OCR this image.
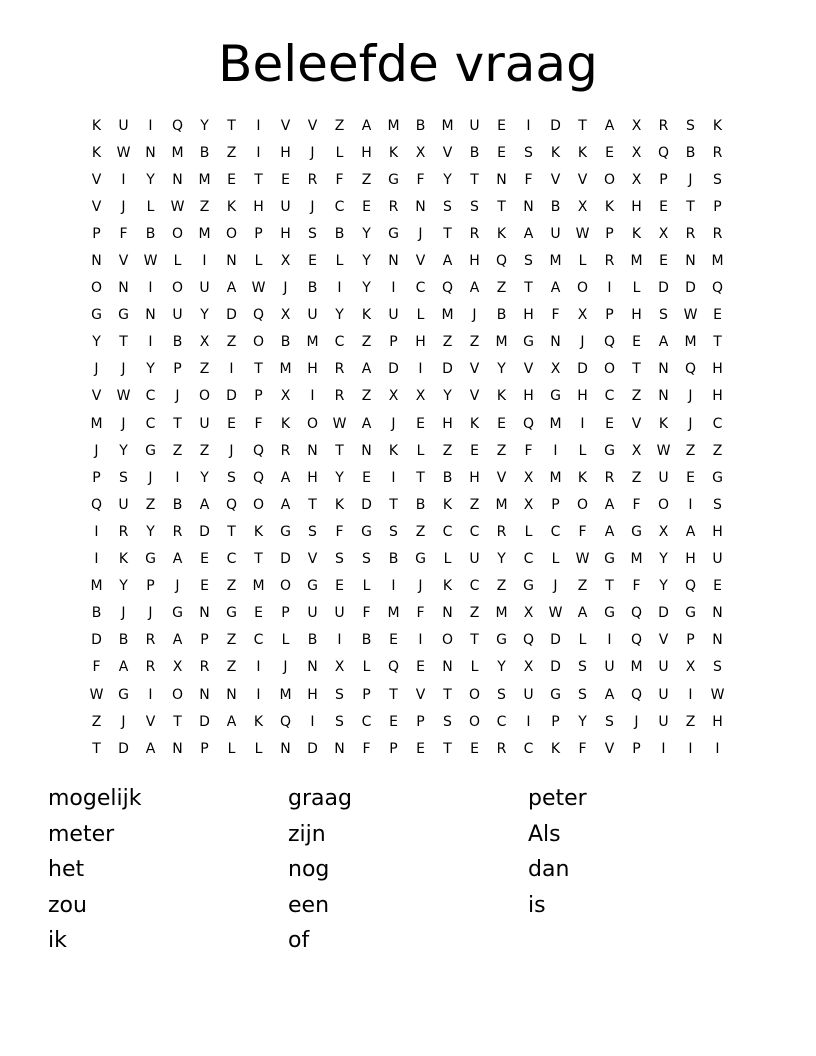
Beleefde vraag
K	U	I	Q	Y	T	I	V	V	Z	A	M	B	M	U	E	I	D	T	A	X	R	S	K
K	W	N	M	B	Z	I	H	J	L	H	K	X	V	B	E	S	K	K	E	X	Q	B	R
V	I	Y	N	M	E	T	E	R	F	Z	G	F	Y	T	N	F	V	V	O	X	P	J	S
V	J	L	W	Z	K	H	U	J	C	E	R	N	S	S	T	N	B	X	K	H	E	T	P
P	F	B	O	M	O	P	H	S	B	Y	G	J	T	R	K	A	U	W	P	K	X	R	R
N	V	W	L	I	N	L	X	E	L	Y	N	V	A	H	Q	S	M	L	R	M	E	N	M
O	N	I	O	U	A	W	J	B	I	Y	I	C	Q	A	Z	T	A	O	I	L	D	D	Q
G	G	N	U	Y	D	Q	X	U	Y	K	U	L	M	J	B	H	F	X	P	H	S	W	E
Y	T	I	B	X	Z	O	B	M	C	Z	P	H	Z	Z	M	G	N	J	Q	E	A	M	T
J	J	Y	P	Z	I	T	M	H	R	A	D	I	D	V	Y	V	X	D	O	T	N	Q	H
V	W	C	J	O	D	P	X	I	R	Z	X	X	Y	V	K	H	G	H	C	Z	N	J	H
M	J	C	T	U	E	F	K	O	W	A	J	E	H	K	E	Q	M	I	E	V	K	J	C
J	Y	G	Z	Z	J	Q	R	N	T	N	K	L	Z	E	Z	F	I	L	G	X	W	Z	Z
P	S	J	I	Y	S	Q	A	H	Y	E	I	T	B	H	V	X	M	K	R	Z	U	E	G
Q	U	Z	B	A	Q	O	A	T	K	D	T	B	K	Z	M	X	P	O	A	F	O	I	S
I	R	Y	R	D	T	K	G	S	F	G	S	Z	C	C	R	L	C	F	A	G	X	A	H
I	K	G	A	E	C	T	D	V	S	S	B	G	L	U	Y	C	L	W	G	M	Y	H	U
M	Y	P	J	E	Z	M	O	G	E	L	I	J	K	C	Z	G	J	Z	T	F	Y	Q	E
B	J	J	G	N	G	E	P	U	U	F	M	F	N	Z	M	X	W	A	G	Q	D	G	N
D	B	R	A	P	Z	C	L	B	I	B	E	I	O	T	G	Q	D	L	I	Q	V	P	N
F	A	R	X	R	Z	I	J	N	X	L	Q	E	N	L	Y	X	D	S	U	M	U	X	S
W	G	I	O	N	N	I	M	H	S	P	T	V	T	O	S	U	G	S	A	Q	U	I	W
Z	J	V	T	D	A	K	Q	I	S	C	E	P	S	O	C	I	P	Y	S	J	U	Z	H
T	D	A	N	P	L	L	N	D	N	F	P	E	T	E	R	C	K	F	V	P	I	I	I
mogelijk
meter
het
zou
ik
graag
zijn
nog
een
of
peter
Als
dan
is
